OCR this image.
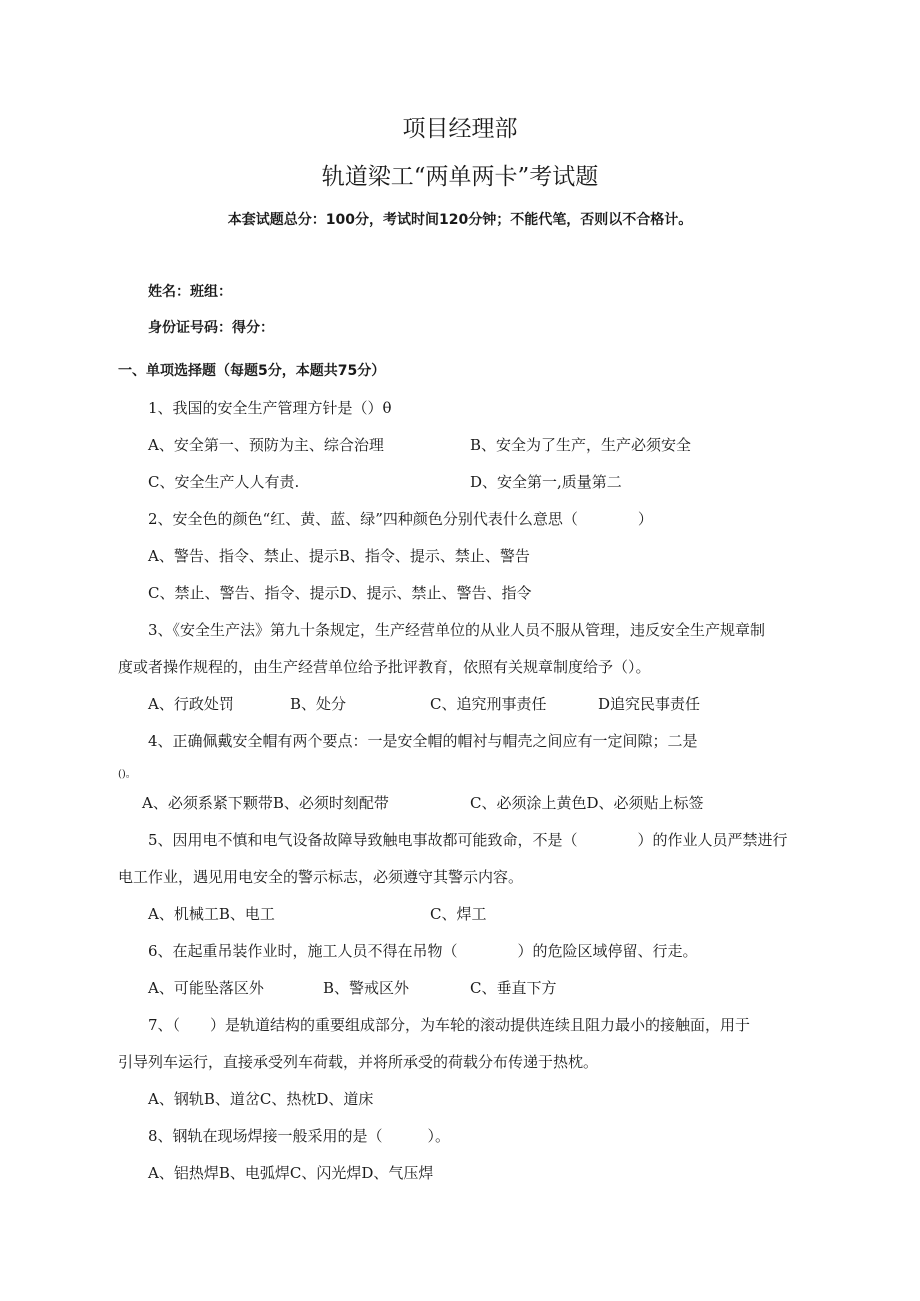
项目经理部
轨道梁工“两单两卡”考试题
本套试题总分：100分，考试时间120分钟；不能代笔，否则以不合格计。
姓名：班组：
身份证号码：得分：
一、单项选择题（每题5分，本题共75分）
1、我国的安全生产管理方针是（）θ
A、安全第一、预防为主、综合治理	B、安全为了生产，生产必须安全
C、安全生产人人有责.	D、安全第一,质量第二
2、安全色的颜色“红、黄、蓝、绿”四种颜色分别代表什么意思（　　　　）
A、警告、指令、禁止、提示B、指令、提示、禁止、警告
C、禁止、警告、指令、提示D、提示、禁止、警告、指令
3、《安全生产法》第九十条规定，生产经营单位的从业人员不服从管理，违反安全生产规章制
度或者操作规程的，由生产经营单位给予批评教育，依照有关规章制度给予（）。
A、行政处罚	B、处分	C、追究刑事责任	D追究民事责任
4、正确佩戴安全帽有两个要点：一是安全帽的帽衬与帽壳之间应有一定间隙；二是
()。
A、必须系紧下颗带B、必须时刻配带	C、必须涂上黄色D、必须贴上标签
5、因用电不慎和电气设备故障导致触电事故都可能致命，不是（　　　　）的作业人员严禁进行
电工作业，遇见用电安全的警示标志，必须遵守其警示内容。
A、机械工B、电工	C、焊工
6、在起重吊装作业时，施工人员不得在吊物（　　　　）的危险区域停留、行走。
A、可能坠落区外	B、警戒区外	C、垂直下方
7、（　　）是轨道结构的重要组成部分，为车轮的滚动提供连续且阻力最小的接触面，用于
引导列车运行，直接承受列车荷载，并将所承受的荷载分布传递于热枕。
A、钢轨B、道岔C、热枕D、道床
8、钢轨在现场焊接一般采用的是（　　　）。
A、铝热焊B、电弧焊C、闪光焊D、气压焊
